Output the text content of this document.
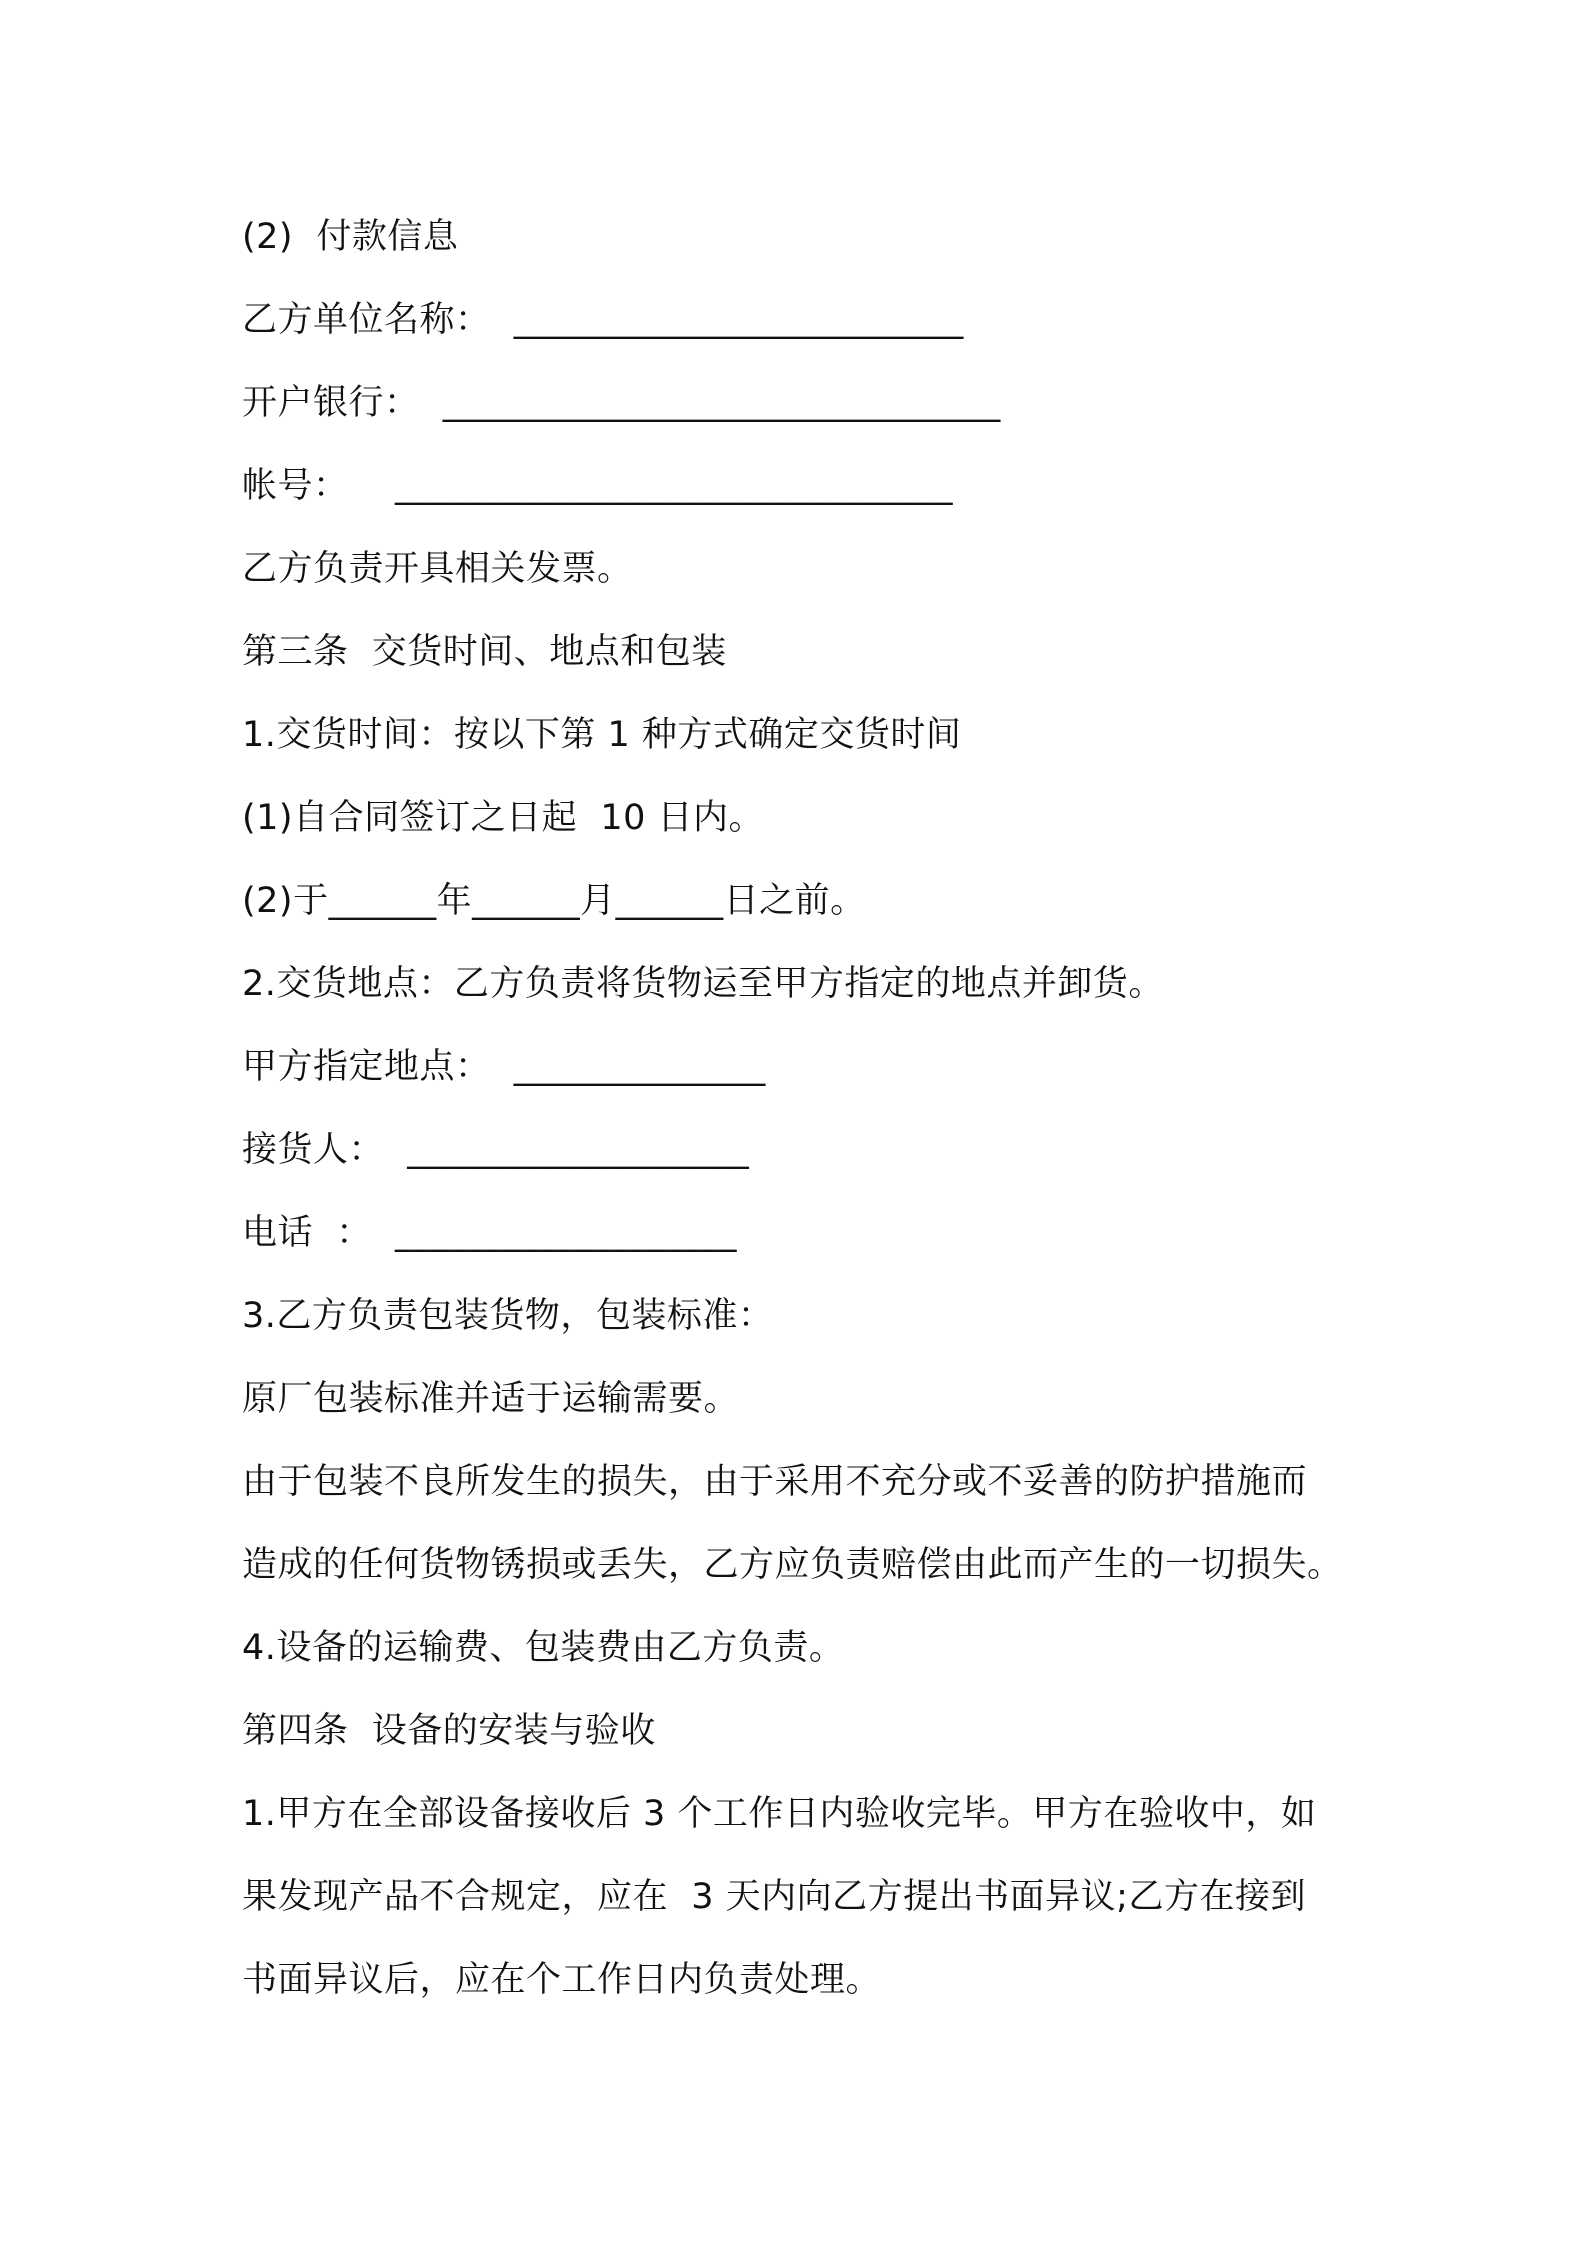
(2)  付款信息
乙方单位名称：  _________________________
开户银行：  _______________________________
帐号：    _______________________________
乙方负责开具相关发票。
第三条  交货时间、地点和包装
1.交货时间：按以下第 1 种方式确定交货时间
(1)自合同签订之日起  10 日内。
(2)于______年______月______日之前。
2.交货地点：乙方负责将货物运至甲方指定的地点并卸货。
甲方指定地点：  ______________
接货人：  ___________________
电话  ：  ___________________
3.乙方负责包装货物，包装标准：
原厂包装标准并适于运输需要。
由于包装不良所发生的损失，由于采用不充分或不妥善的防护措施而
造成的任何货物锈损或丢失，乙方应负责赔偿由此而产生的一切损失。
4.设备的运输费、包装费由乙方负责。
第四条  设备的安装与验收
1.甲方在全部设备接收后 3 个工作日内验收完毕。甲方在验收中，如
果发现产品不合规定，应在  3 天内向乙方提出书面异议;乙方在接到
书面异议后，应在个工作日内负责处理。
